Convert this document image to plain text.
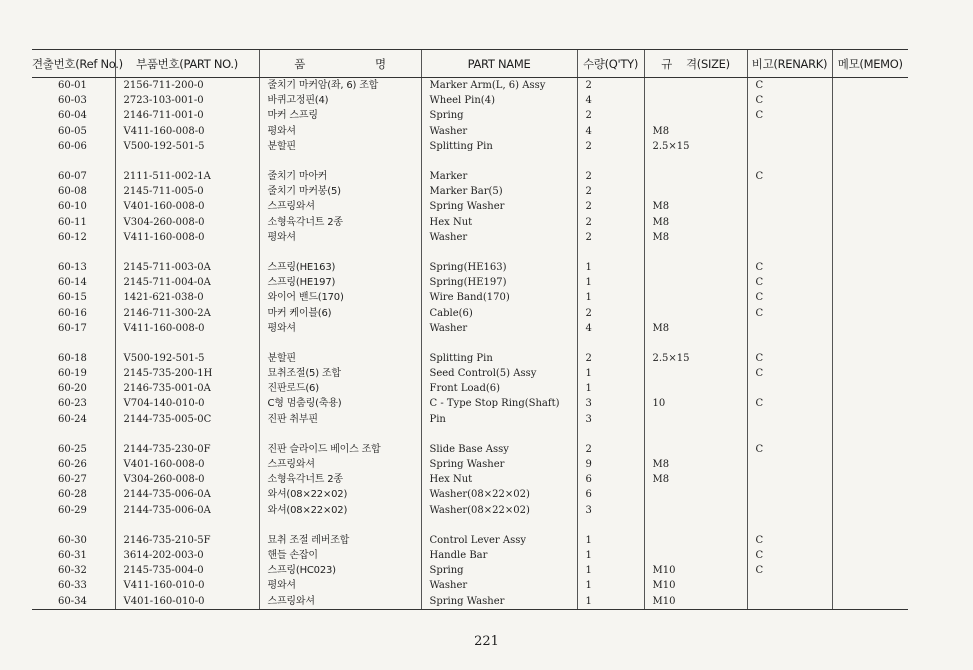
견출번호(Ref No.)	부품번호(PART NO.)	품 명	PART NAME	수량(Q'TY)	규 격(SIZE)	비고(RENARK)	메모(MEMO)
60-01	2156-711-200-0	줄치기 마커암(좌, 6) 조합	Marker Arm(L, 6) Assy	2		C	
60-03	2723-103-001-0	바퀴고정핀(4)	Wheel Pin(4)	4		C	
60-04	2146-711-001-0	마커 스프링	Spring	2		C	
60-05	V411-160-008-0	평와셔	Washer	4	M8		
60-06	V500-192-501-5	분할핀	Splitting Pin	2	2.5×15		

60-07	2111-511-002-1A	줄치기 마아커	Marker	2		C	
60-08	2145-711-005-0	줄치기 마커봉(5)	Marker Bar(5)	2			
60-10	V401-160-008-0	스프링와셔	Spring Washer	2	M8		
60-11	V304-260-008-0	소형육각너트 2종	Hex Nut	2	M8		
60-12	V411-160-008-0	평와셔	Washer	2	M8		

60-13	2145-711-003-0A	스프링(HE163)	Spring(HE163)	1		C	
60-14	2145-711-004-0A	스프링(HE197)	Spring(HE197)	1		C	
60-15	1421-621-038-0	와이어 밴드(170)	Wire Band(170)	1		C	
60-16	2146-711-300-2A	마커 케이블(6)	Cable(6)	2		C	
60-17	V411-160-008-0	평와셔	Washer	4	M8		

60-18	V500-192-501-5	분할핀	Splitting Pin	2	2.5×15	C	
60-19	2145-735-200-1H	묘취조절(5) 조합	Seed Control(5) Assy	1		C	
60-20	2146-735-001-0A	진판로드(6)	Front Load(6)	1			
60-23	V704-140-010-0	C형 멈춤링(축용)	C - Type Stop Ring(Shaft)	3	10	C	
60-24	2144-735-005-0C	진판 취부핀	Pin	3			

60-25	2144-735-230-0F	진판 슬라이드 베이스 조합	Slide Base Assy	2		C	
60-26	V401-160-008-0	스프링와셔	Spring Washer	9	M8		
60-27	V304-260-008-0	소형육각너트 2종	Hex Nut	6	M8		
60-28	2144-735-006-0A	와셔(08×22×02)	Washer(08×22×02)	6			
60-29	2144-735-006-0A	와셔(08×22×02)	Washer(08×22×02)	3			

60-30	2146-735-210-5F	묘취 조절 레버조합	Control Lever Assy	1		C	
60-31	3614-202-003-0	핸들 손잡이	Handle Bar	1		C	
60-32	2145-735-004-0	스프링(HC023)	Spring	1	M10	C	
60-33	V411-160-010-0	평와셔	Washer	1	M10		
60-34	V401-160-010-0	스프링와셔	Spring Washer	1	M10		
221
